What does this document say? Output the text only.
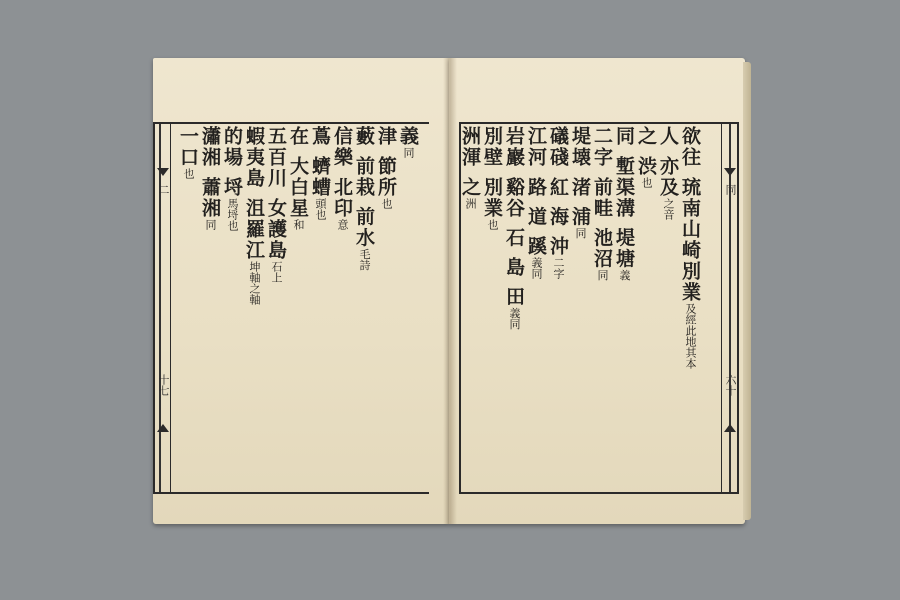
二
十七
義同
津 節所也
藪 前栽 前水毛詩
信樂 北印意
蔦 蠐螬頭也
在 大白星和
五百川 女護島石上
蝦夷島 沮羅江坤軸之軸
的場 埒馬埒也
瀟湘 蕭湘同
一口也
同
六十
欲往 琉南山崎別業及經此地其本
人 亦及之音
之 渋也
同 塹渠溝 堤塘義
二字 前畦 池沼同
堤壊 渚 浦同
礒碊 紅 海 沖二字
江河 路 道 蹊義同
岩巖 谿谷 石 島 田義同
別壁 別業也
洲渾 之洲
